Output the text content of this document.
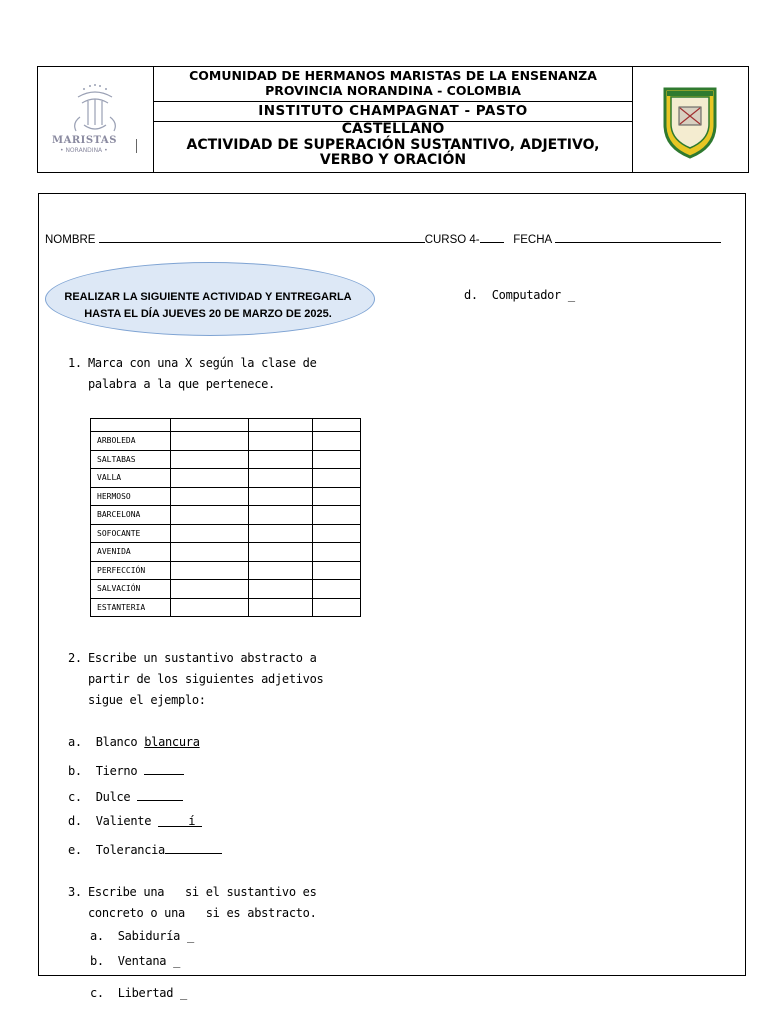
MARISTAS
• NORANDINA •
COMUNIDAD DE HERMANOS MARISTAS DE LA ENSENANZA
PROVINCIA NORANDINA - COLOMBIA
INSTITUTO CHAMPAGNAT - PASTO
CASTELLANO
ACTIVIDAD DE SUPERACIÓN SUSTANTIVO, ADJETIVO,
VERBO Y ORACIÓN
NOMBRE	CURSO 4-	FECHA
REALIZAR LA SIGUIENTE ACTIVIDAD Y ENTREGARLA
HASTA EL DÍA JUEVES 20 DE MARZO DE 2025.
1. Marca con una X según la clase de
palabra a la que pertenece.

ARBOLEDA			
SALTABAS			
VALLA			
HERMOSO			
BARCELONA			
SOFOCANTE			
AVENIDA			
PERFECCIÓN			
SALVACIÓN			
ESTANTERIA			
2. Escribe un sustantivo abstracto a
partir de los siguientes adjetivos
sigue el ejemplo:
a. Blanco blancura
b. Tierno
c. Dulce
d. Valiente	í
e. Tolerancia
3. Escribe una   si el sustantivo es
concreto o una   si es abstracto.
a. Sabiduría _
b. Ventana _
c. Libertad _
d. Computador _
